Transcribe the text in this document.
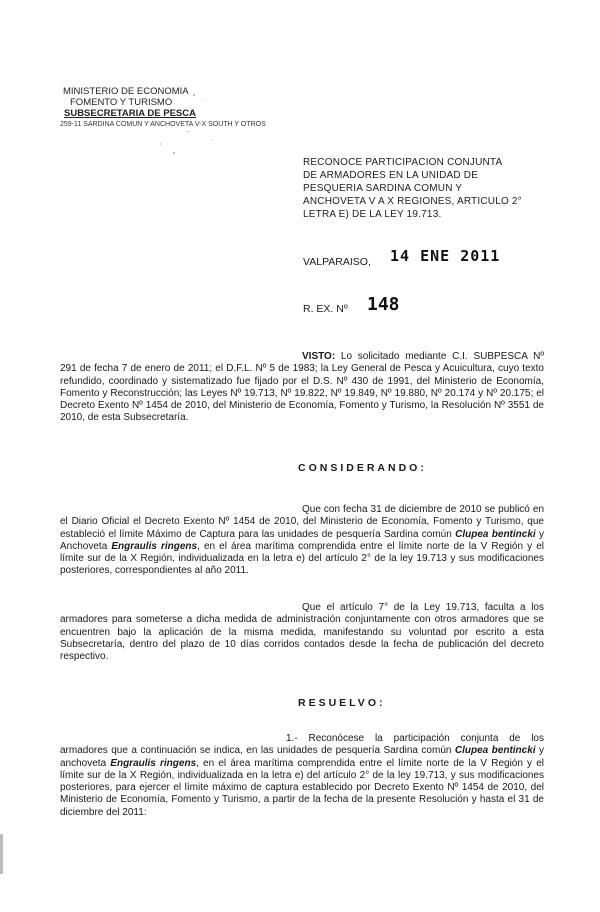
MINISTERIO DE ECONOMIA
FOMENTO Y TURISMO
SUBSECRETARIA DE PESCA
259-11 SARDINA COMUN Y ANCHOVETA V-X SOUTH Y OTROS
RECONOCE PARTICIPACION CONJUNTA
DE ARMADORES EN LA UNIDAD DE
PESQUERIA SARDINA COMUN Y
ANCHOVETA V A X REGIONES, ARTICULO 2°
LETRA E) DE LA LEY 19.713.
VALPARAISO, 14 ENE 2011
R. EX. Nº 148
VISTO: Lo solicitado mediante C.I. SUBPESCA Nº 291 de fecha 7 de enero de 2011; el D.F.L. Nº 5 de 1983; la Ley General de Pesca y Acuicultura, cuyo texto refundido, coordinado y sistematizado fue fijado por el D.S. Nº 430 de 1991, del Ministerio de Economía, Fomento y Reconstrucción; las Leyes Nº 19.713, Nº 19.822, Nº 19.849, Nº 19.880, Nº 20.174 y Nº 20.175; el Decreto Exento Nº 1454 de 2010, del Ministerio de Economía, Fomento y Turismo, la Resolución Nº 3551 de 2010, de esta Subsecretaría.
CONSIDERANDO:
Que con fecha 31 de diciembre de 2010 se publicó en el Diario Oficial el Decreto Exento Nº 1454 de 2010, del Ministerio de Economía, Fomento y Turismo, que estableció el límite Máximo de Captura para las unidades de pesquería Sardina común Clupea bentincki y Anchoveta Engraulis ringens, en el área marítima comprendida entre el límite norte de la V Región y el límite sur de la X Región, individualizada en la letra e) del artículo 2° de la ley 19.713 y sus modificaciones posteriores, correspondientes al año 2011.
Que el artículo 7° de la Ley 19.713, faculta a los armadores para someterse a dicha medida de administración conjuntamente con otros armadores que se encuentren bajo la aplicación de la misma medida, manifestando su voluntad por escrito a esta Subsecretaría, dentro del plazo de 10 días corridos contados desde la fecha de publicación del decreto respectivo.
RESUELVO:
1.- Reconócese la participación conjunta de los armadores que a continuación se indica, en las unidades de pesquería Sardina común Clupea bentincki y anchoveta Engraulis ringens, en el área marítima comprendida entre el límite norte de la V Región y el límite sur de la X Región, individualizada en la letra e) del artículo 2° de la ley 19.713, y sus modificaciones posteriores, para ejercer el límite máximo de captura establecido por Decreto Exento Nº 1454 de 2010, del Ministerio de Economía, Fomento y Turismo, a partir de la fecha de la presente Resolución y hasta el 31 de diciembre del 2011:
